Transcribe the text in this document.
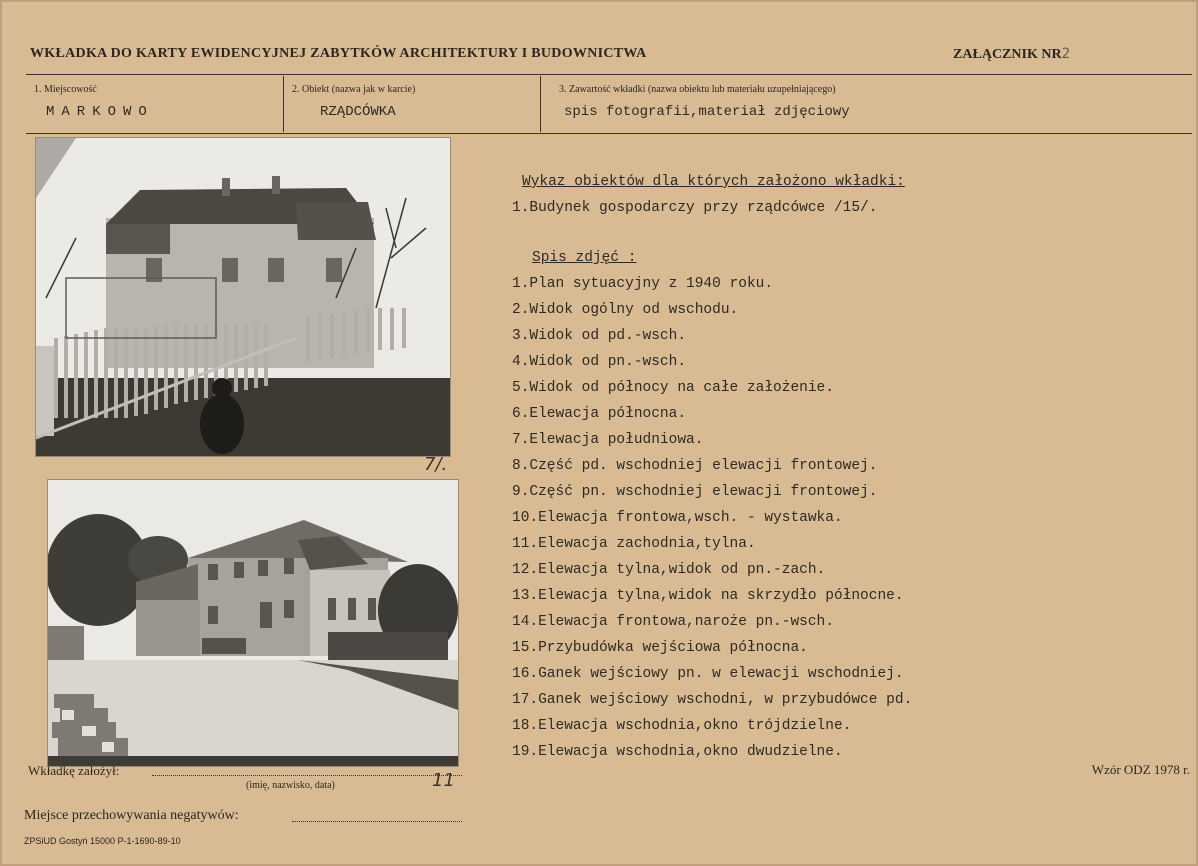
WKŁADKA DO KARTY EWIDENCYJNEJ ZABYTKÓW ARCHITEKTURY I BUDOWNICTWA	ZAŁĄCZNIK NR2
1. Miejscowość
MARKOWO
2. Obiekt (nazwa jak w karcie)
RZĄDCÓWKA
3. Zawartość wkładki (nazwa obiektu lub materiału uzupełniającego)
spis fotografii,materiał zdjęciowy
7/.
Wykaz obiektów dla których założono wkładki:
1.Budynek gospodarczy przy rządcówce /15/.
Spis zdjęć :
1.Plan sytuacyjny z 1940 roku.
2.Widok ogólny od wschodu.
3.Widok od pd.-wsch.
4.Widok od pn.-wsch.
5.Widok od północy na całe założenie.
6.Elewacja północna.
7.Elewacja południowa.
8.Część pd. wschodniej elewacji frontowej.
9.Część pn. wschodniej elewacji frontowej.
10.Elewacja frontowa,wsch. - wystawka.
11.Elewacja zachodnia,tylna.
12.Elewacja tylna,widok od pn.-zach.
13.Elewacja tylna,widok na skrzydło północne.
14.Elewacja frontowa,naroże pn.-wsch.
15.Przybudówka wejściowa północna.
16.Ganek wejściowy pn. w elewacji wschodniej.
17.Ganek wejściowy wschodni, w przybudówce pd.
18.Elewacja wschodnia,okno trójdzielne.
19.Elewacja wschodnia,okno dwudzielne.
Wkładkę założył:
(imię, nazwisko, data)	11
Miejsce przechowywania negatywów:
ZPSiUD Gostyń 15000 P-1-1690-89-10
Wzór ODZ 1978 r.
